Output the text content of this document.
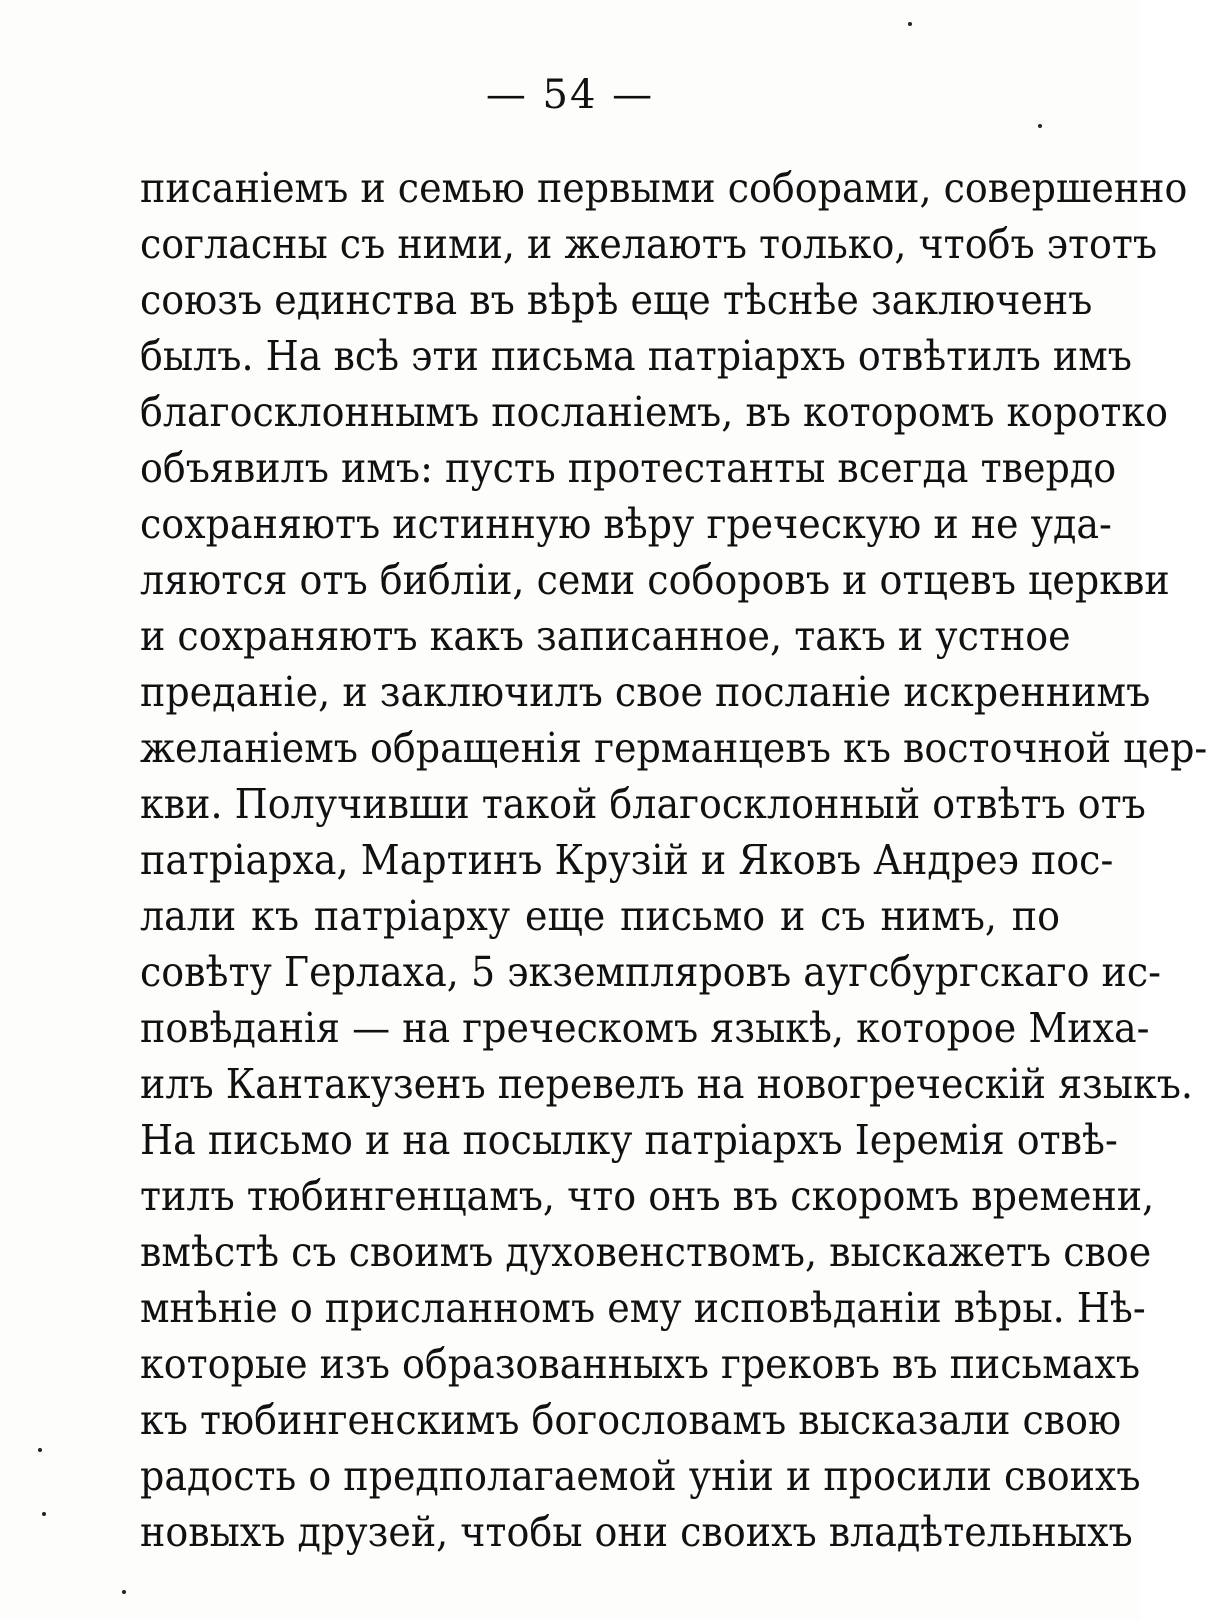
— 54 —
писаніемъ и семью первыми соборами, совершенно
согласны съ ними, и желаютъ только, чтобъ этотъ
союзъ единства въ вѣрѣ еще тѣснѣе заключенъ
былъ. На всѣ эти письма патріархъ отвѣтилъ имъ
благосклоннымъ посланіемъ, въ которомъ коротко
объявилъ имъ: пусть протестанты всегда твердо
сохраняютъ истинную вѣру греческую и не уда-
ляются отъ библіи, семи соборовъ и отцевъ церкви
и сохраняютъ какъ записанное, такъ и устное
преданіе, и заключилъ свое посланіе искреннимъ
желаніемъ обращенія германцевъ къ восточной цер-
кви. Получивши такой благосклонный отвѣтъ отъ
патріарха, Мартинъ Крузій и Яковъ Андреэ пос-
лали къ патріарху еще письмо и съ нимъ, по
совѣту Герлаха, 5 экземпляровъ аугсбургскаго ис-
повѣданія — на греческомъ языкѣ, которое Миха-
илъ Кантакузенъ перевелъ на новогреческій языкъ.
На письмо и на посылку патріархъ Іеремія отвѣ-
тилъ тюбингенцамъ, что онъ въ скоромъ времени,
вмѣстѣ съ своимъ духовенствомъ, выскажетъ свое
мнѣніе о присланномъ ему исповѣданіи вѣры. Нѣ-
которые изъ образованныхъ грековъ въ письмахъ
къ тюбингенскимъ богословамъ высказали свою
радость о предполагаемой уніи и просили своихъ
новыхъ друзей, чтобы они своихъ владѣтельныхъ
